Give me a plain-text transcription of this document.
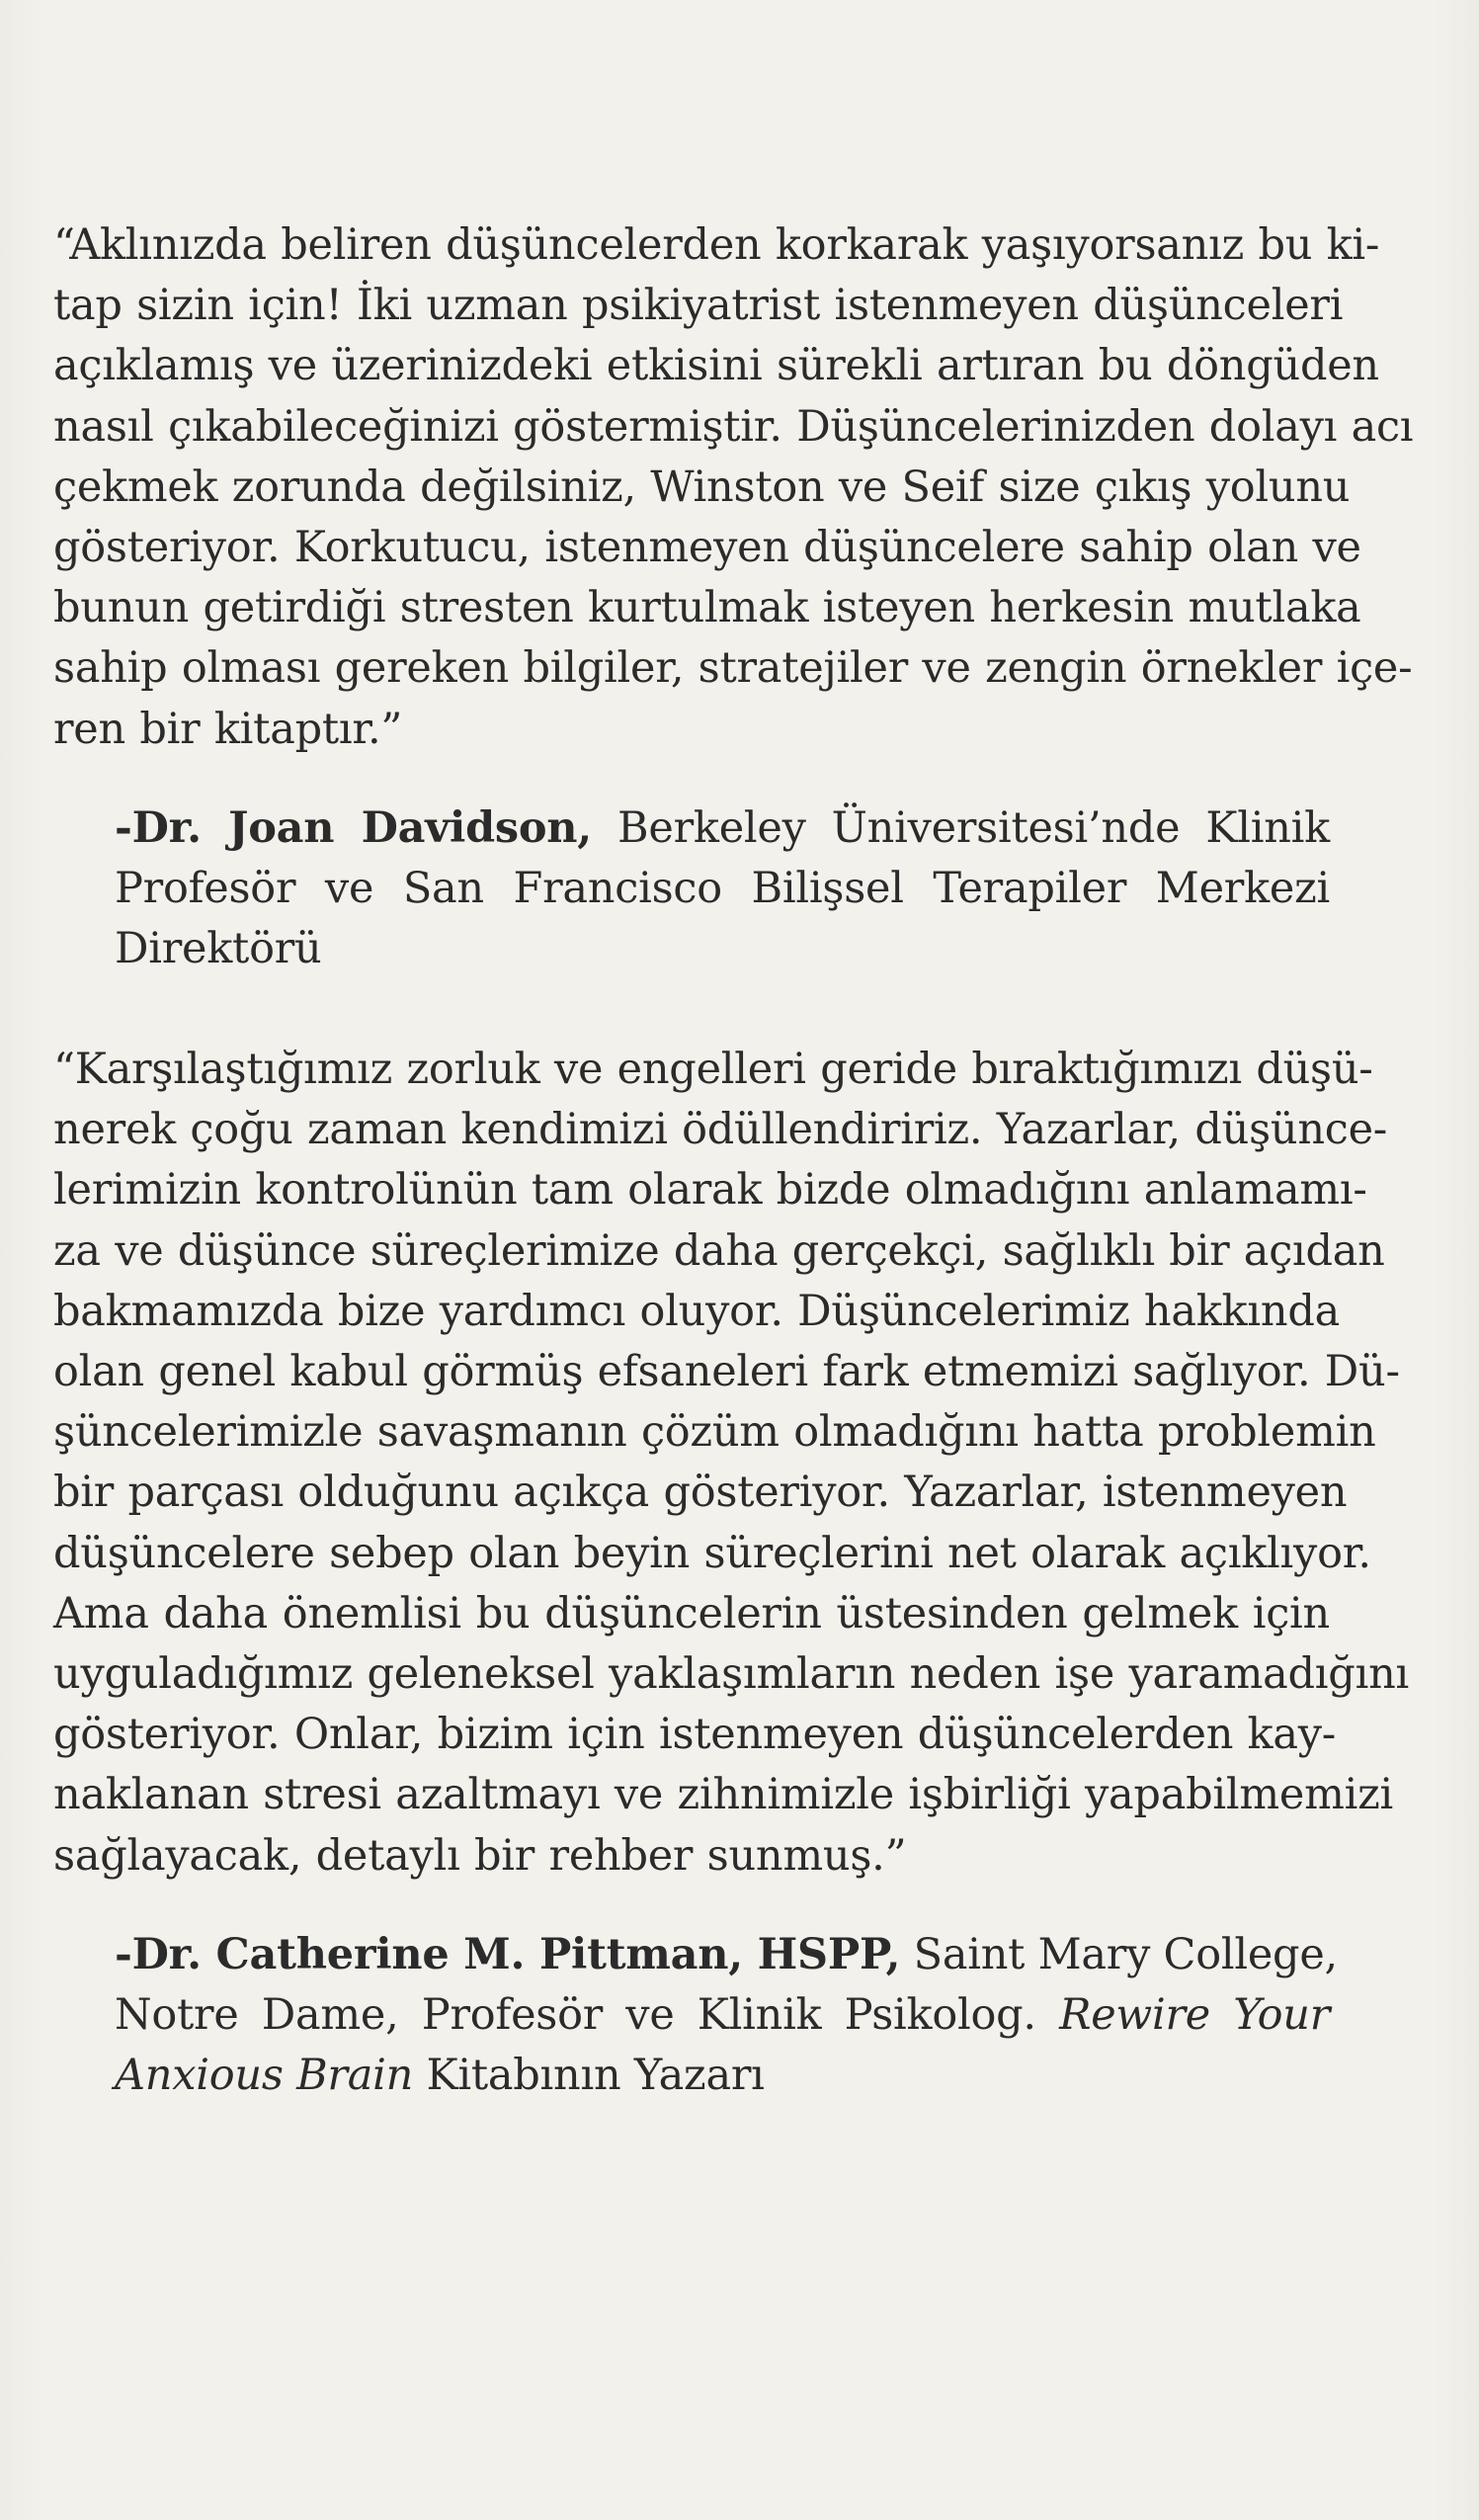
“Aklınızda beliren düşüncelerden korkarak yaşıyorsanız bu ki-
tap sizin için! İki uzman psikiyatrist istenmeyen düşünceleri
açıklamış ve üzerinizdeki etkisini sürekli artıran bu döngüden
nasıl çıkabileceğinizi göstermiştir. Düşüncelerinizden dolayı acı
çekmek zorunda değilsiniz, Winston ve Seif size çıkış yolunu
gösteriyor. Korkutucu, istenmeyen düşüncelere sahip olan ve
bunun getirdiği stresten kurtulmak isteyen herkesin mutlaka
sahip olması gereken bilgiler, stratejiler ve zengin örnekler içe-
ren bir kitaptır.”
-Dr. Joan Davidson, Berkeley Üniversitesi’nde Klinik
Profesör ve San Francisco Bilişsel Terapiler Merkezi
Direktörü
“Karşılaştığımız zorluk ve engelleri geride bıraktığımızı düşü-
nerek çoğu zaman kendimizi ödüllendiririz. Yazarlar, düşünce-
lerimizin kontrolünün tam olarak bizde olmadığını anlamamı-
za ve düşünce süreçlerimize daha gerçekçi, sağlıklı bir açıdan
bakmamızda bize yardımcı oluyor. Düşüncelerimiz hakkında
olan genel kabul görmüş efsaneleri fark etmemizi sağlıyor. Dü-
şüncelerimizle savaşmanın çözüm olmadığını hatta problemin
bir parçası olduğunu açıkça gösteriyor. Yazarlar, istenmeyen
düşüncelere sebep olan beyin süreçlerini net olarak açıklıyor.
Ama daha önemlisi bu düşüncelerin üstesinden gelmek için
uyguladığımız geleneksel yaklaşımların neden işe yaramadığını
gösteriyor. Onlar, bizim için istenmeyen düşüncelerden kay-
naklanan stresi azaltmayı ve zihnimizle işbirliği yapabilmemizi
sağlayacak, detaylı bir rehber sunmuş.”
-Dr. Catherine M. Pittman, HSPP, Saint Mary College,
Notre Dame, Profesör ve Klinik Psikolog. Rewire Your
Anxious Brain Kitabının Yazarı
